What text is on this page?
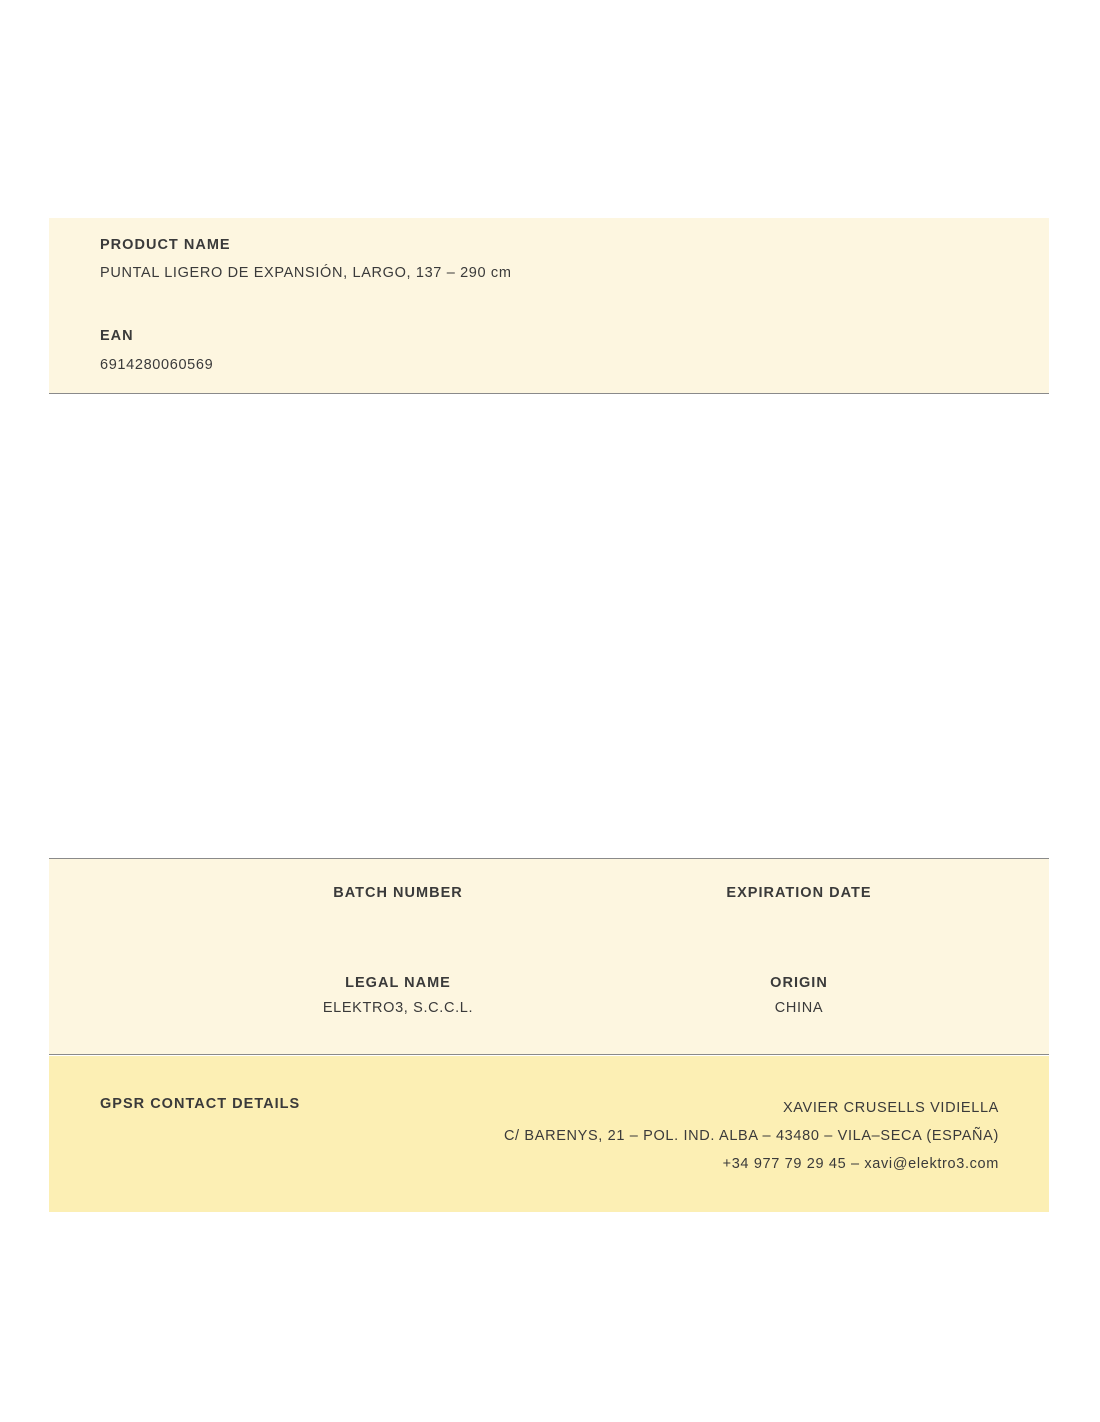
PRODUCT NAME
PUNTAL LIGERO DE EXPANSIÓN, LARGO, 137 – 290 cm
EAN
6914280060569
BATCH NUMBER	EXPIRATION DATE
LEGAL NAME
ELEKTRO3, S.C.C.L.
ORIGIN
CHINA
GPSR CONTACT DETAILS	XAVIER CRUSELLS VIDIELLA
C/ BARENYS, 21 – POL. IND. ALBA – 43480 – VILA–SECA (ESPAÑA)
+34 977 79 29 45 – xavi@elektro3.com
